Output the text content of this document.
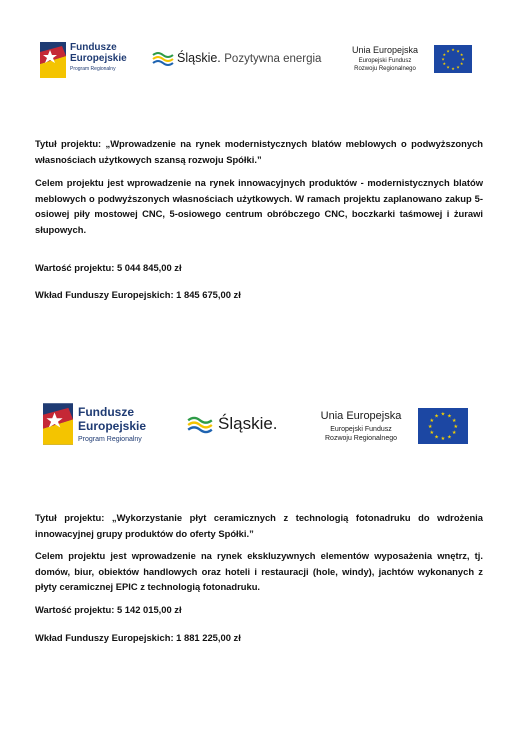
Fundusze
Europejskie
Program Regionalny
Śląskie. Pozytywna energia
Unia Europejska
Europejski Fundusz
Rozwoju Regionalnego
★ ★
★
★
★
★
★
★
★
★
★
★
Tytuł projektu: „Wprowadzenie na rynek modernistycznych blatów meblowych o podwyższonych własnościach użytkowych szansą rozwoju Spółki.”
Celem projektu jest wprowadzenie na rynek innowacyjnych produktów - modernistycznych blatów meblowych o podwyższonych własnościach użytkowych. W ramach projektu zaplanowano zakup 5-osiowej piły mostowej CNC, 5-osiowego centrum obróbczego CNC, boczkarki taśmowej i żurawi słupowych.
Wartość projektu: 5 044 845,00 zł
Wkład Funduszy Europejskich: 1 845 675,00 zł
Fundusze
Europejskie
Program Regionalny
Śląskie.	Unia Europejska
Europejski Fundusz
Rozwoju Regionalnego
★ ★
★
★
★
★
★
★
★
★
★
★
Tytuł projektu: „Wykorzystanie płyt ceramicznych z technologią fotonadruku do wdrożenia innowacyjnej grupy produktów do oferty Spółki.”
Celem projektu jest wprowadzenie na rynek ekskluzywnych elementów wyposażenia wnętrz, tj. domów, biur, obiektów handlowych oraz hoteli i restauracji (hole, windy), jachtów wykonanych z płyty ceramicznej EPIC z technologią fotonadruku.
Wartość projektu: 5 142 015,00 zł
Wkład Funduszy Europejskich: 1 881 225,00 zł
